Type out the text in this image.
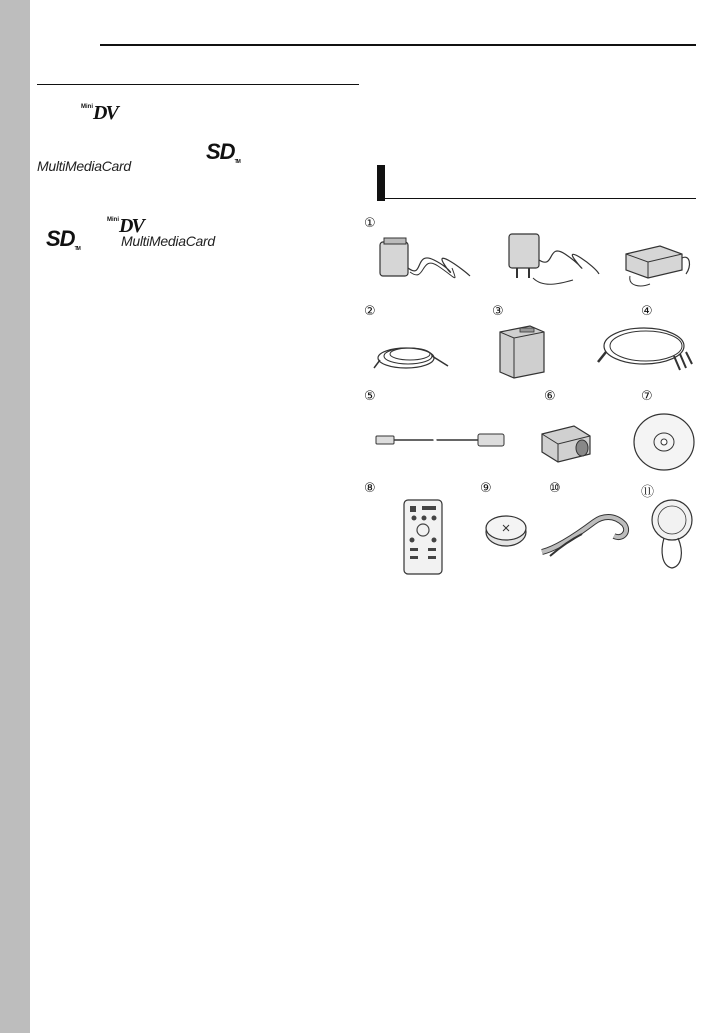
Mini DV
MultiMediaCard
SDTM
SDTM
Mini DV
MultiMediaCard
①
②	③	④
⑤	⑥	⑦
⑧	⑨	⑩	⑪
